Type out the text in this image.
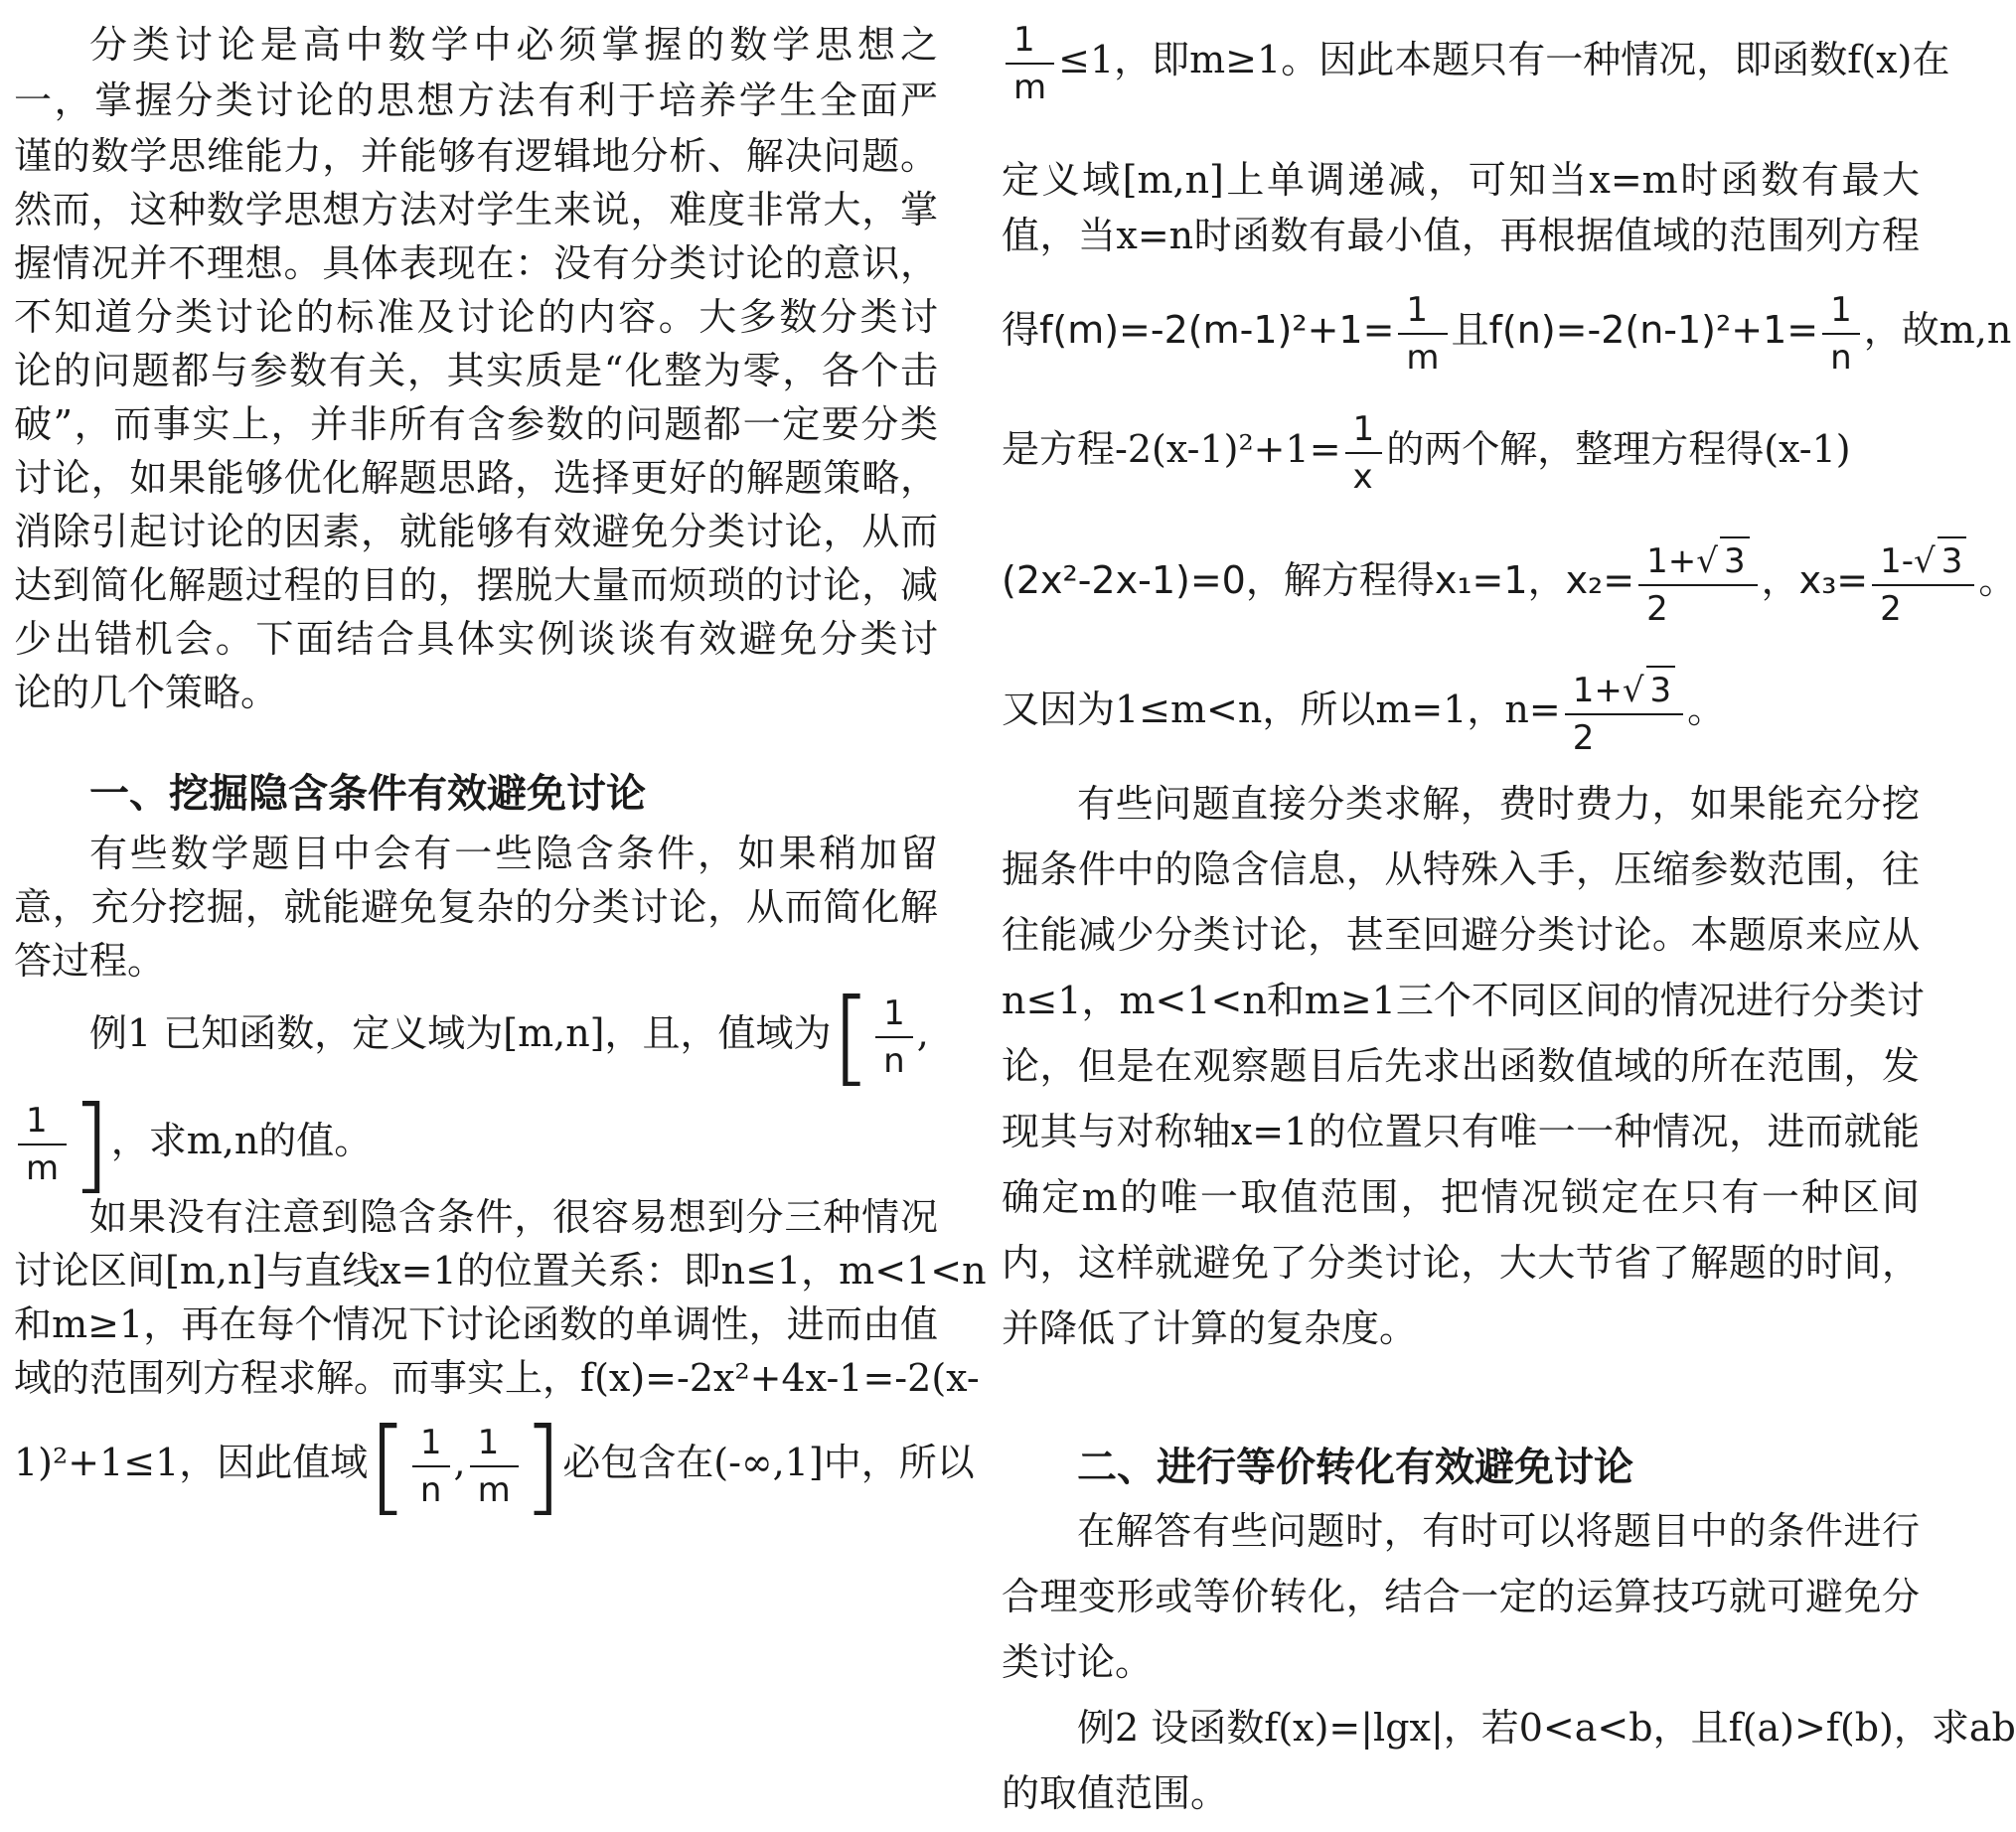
分类讨论是高中数学中必须掌握的数学思想之
一，掌握分类讨论的思想方法有利于培养学生全面严
谨的数学思维能力，并能够有逻辑地分析、解决问题。
然而，这种数学思想方法对学生来说，难度非常大，掌
握情况并不理想。具体表现在：没有分类讨论的意识，
不知道分类讨论的标准及讨论的内容。大多数分类讨
论的问题都与参数有关，其实质是“化整为零，各个击
破”，而事实上，并非所有含参数的问题都一定要分类
讨论，如果能够优化解题思路，选择更好的解题策略，
消除引起讨论的因素，就能够有效避免分类讨论，从而
达到简化解题过程的目的，摆脱大量而烦琐的讨论，减
少出错机会。下面结合具体实例谈谈有效避免分类讨
论的几个策略。
一、挖掘隐含条件有效避免讨论
有些数学题目中会有一些隐含条件，如果稍加留
意，充分挖掘，就能避免复杂的分类讨论，从而简化解
答过程。
例1 已知函数，定义域为[m,n]，且，值域为[ $\frac{1}{n}$ ,
$\frac{1}{m}$ ]，求m,n的值。
如果没有注意到隐含条件，很容易想到分三种情况
讨论区间[m,n]与直线x=1的位置关系：即n≤1，m<1<n
和m≥1，再在每个情况下讨论函数的单调性，进而由值
域的范围列方程求解。而事实上，f(x)=-2x²+4x-1=-2(x-
1)²+1≤1，因此值域[ $\frac{1}{n}$ , $\frac{1}{m}$ ]必包含在(-∞,1]中，所以
$\frac{1}{m} \le 1$，即m≥1。因此本题只有一种情况，即函数f(x)在
定义域[m,n]上单调递减，可知当x=m时函数有最大
值，当x=n时函数有最小值，再根据值域的范围列方程
得$f(m)=-2(m-1)^2+1= \frac{1}{m}$ 且$f(n)=-2(n-1)^2+1= \frac{1}{n}$ ，故m,n
是方程$-2(x-1)^2+1= \frac{1}{x}$ 的两个解，整理方程得(x-1)
(2x²-2x-1)=0，解方程得x₁=1，$x_2= \frac{1+√ 3}{2}$ ，$x_3= \frac{1-√ 3}{2}$ 。
又因为1≤m<n，所以m=1，$n= \frac{1+√ 3}{2}$ 。
有些问题直接分类求解，费时费力，如果能充分挖
掘条件中的隐含信息，从特殊入手，压缩参数范围，往
往能减少分类讨论，甚至回避分类讨论。本题原来应从
n≤1，m<1<n和m≥1三个不同区间的情况进行分类讨
论，但是在观察题目后先求出函数值域的所在范围，发
现其与对称轴x=1的位置只有唯一一种情况，进而就能
确定m的唯一取值范围，把情况锁定在只有一种区间
内，这样就避免了分类讨论，大大节省了解题的时间，
并降低了计算的复杂度。
二、进行等价转化有效避免讨论
在解答有些问题时，有时可以将题目中的条件进行
合理变形或等价转化，结合一定的运算技巧就可避免分
类讨论。
例2 设函数f(x)=|lgx|，若0<a<b，且f(a)>f(b)，求ab
的取值范围。
